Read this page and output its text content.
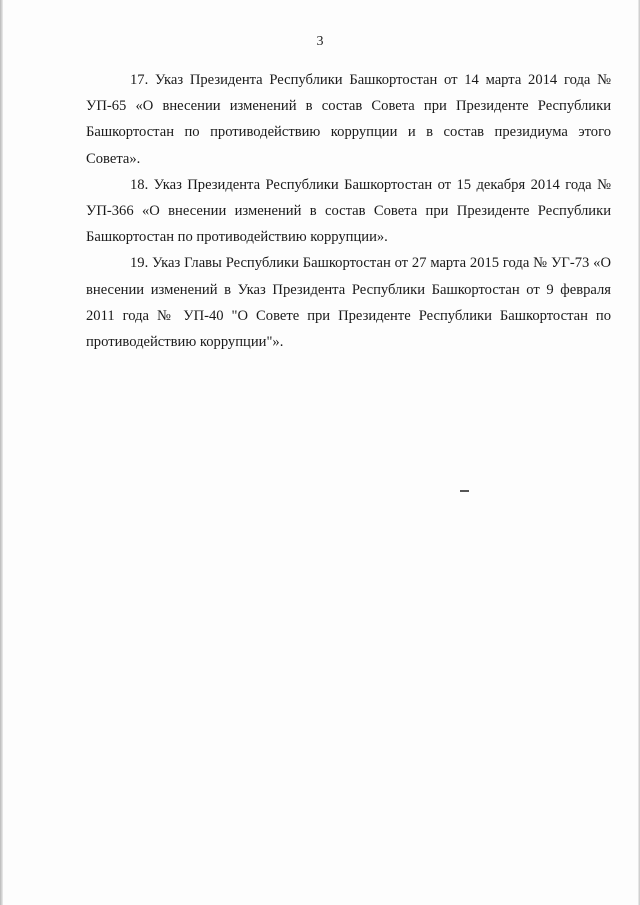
3

17. Указ Президента Республики Башкортостан от 14 марта 2014 года № УП-65 «О внесении изменений в состав Совета при Президенте Республики Башкортостан по противодействию коррупции и в состав президиума этого Совета».

18. Указ Президента Республики Башкортостан от 15 декабря 2014 года № УП-366 «О внесении изменений в состав Совета при Президенте Республики Башкортостан по противодействию коррупции».

19. Указ Главы Республики Башкортостан от 27 марта 2015 года № УГ-73 «О внесении изменений в Указ Президента Республики Башкортостан от 9 февраля 2011 года № УП-40 "О Совете при Президенте Республики Башкортостан по противодействию коррупции"».
